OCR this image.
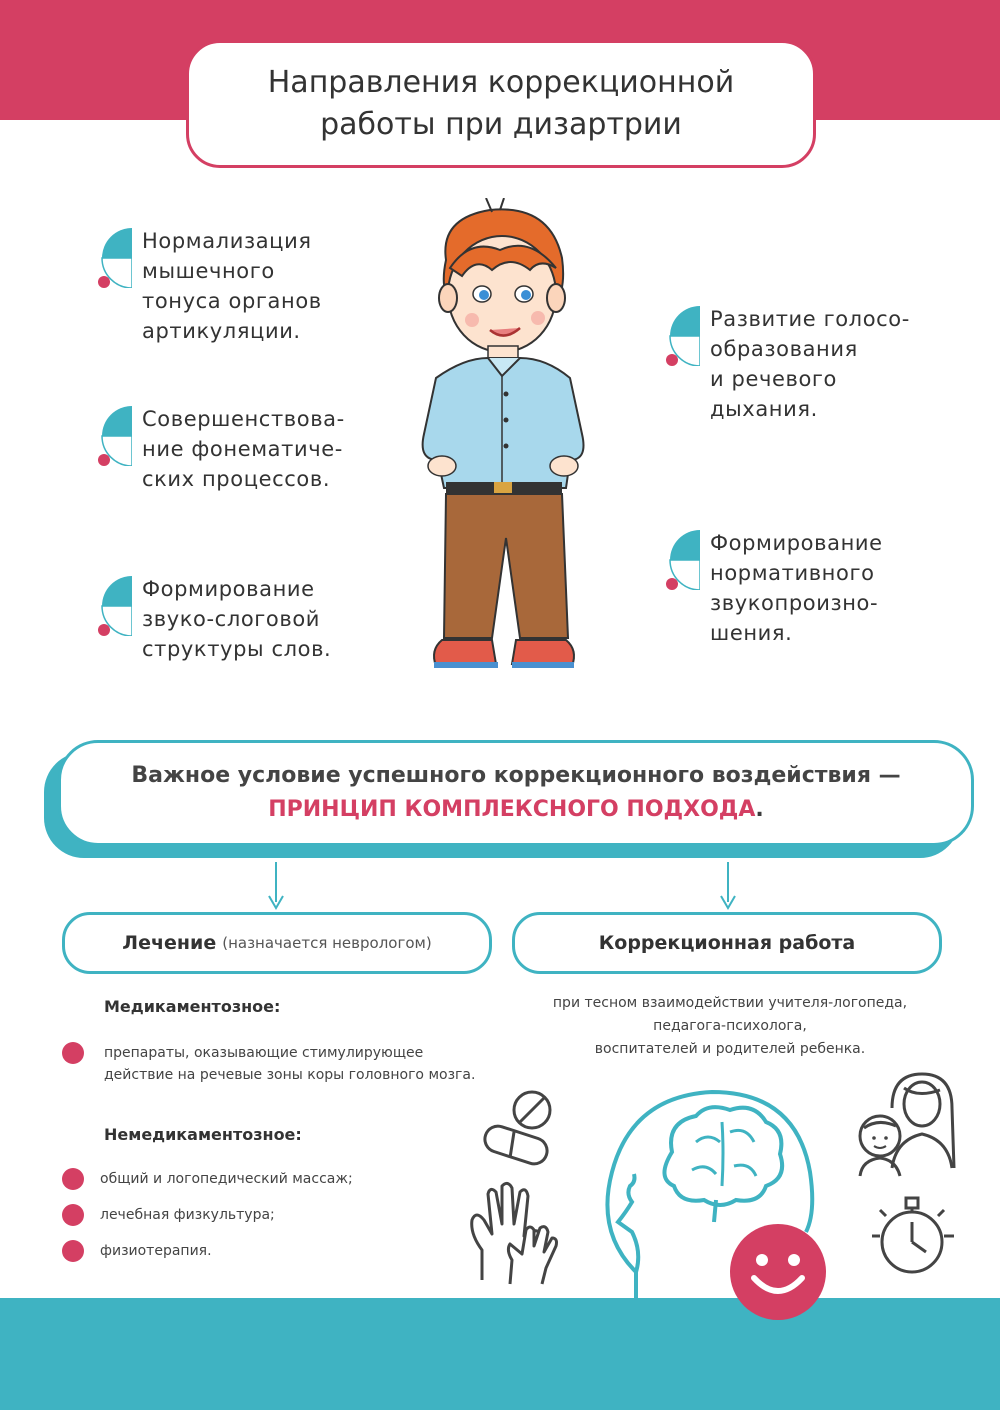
Направления коррекционной
работы при дизартрии
Нормализация
мышечного
тонуса органов
артикуляции.
Совершенствова-
ние фонематиче-
ских процессов.
Формирование
звуко-слоговой
структуры слов.
Развитие голосо-
образования
и речевого
дыхания.
Формирование
нормативного
звукопроизно-
шения.
Важное условие успешного коррекционного воздействия —
ПРИНЦИП КОМПЛЕКСНОГО ПОДХОДА.
Лечение (назначается неврологом)	Коррекционная работа
Медикаментозное:
препараты, оказывающие стимулирующее
действие на речевые зоны коры головного мозга.
Немедикаментозное:
общий и логопедический массаж;
лечебная физкультура;
физиотерапия.
при тесном взаимодействии учителя-логопеда,
педагога-психолога,
воспитателей и родителей ребенка.
